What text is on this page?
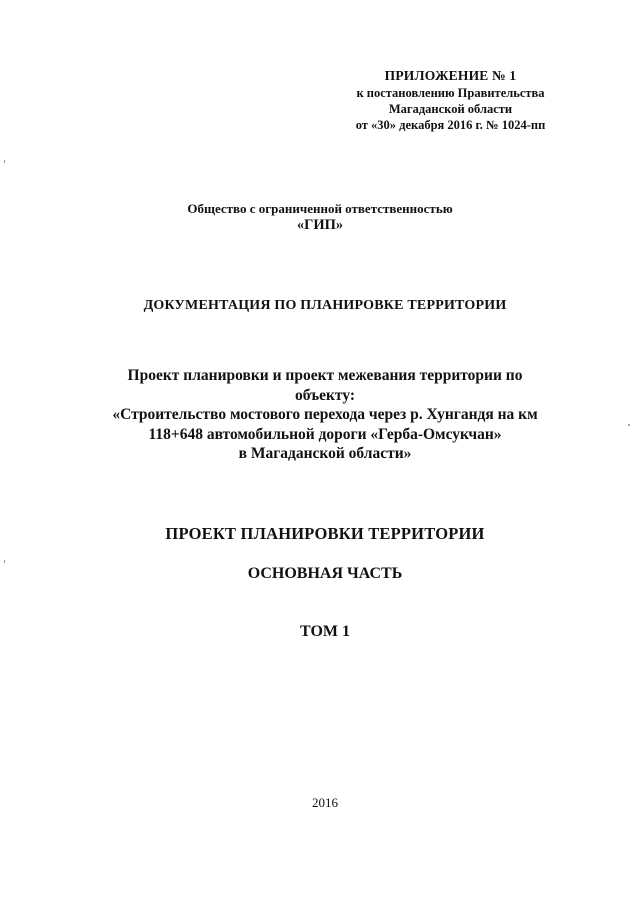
ПРИЛОЖЕНИЕ № 1
к постановлению Правительства
Магаданской области
от «30» декабря 2016 г. № 1024-пп
Общество с ограниченной ответственностью
«ГИП»
ДОКУМЕНТАЦИЯ ПО ПЛАНИРОВКЕ ТЕРРИТОРИИ
Проект планировки и проект межевания территории по
объекту:
«Строительство мостового перехода через р. Хунгандя на км
118+648 автомобильной дороги «Герба-Омсукчан»
в Магаданской области»
ПРОЕКТ ПЛАНИРОВКИ ТЕРРИТОРИИ
ОСНОВНАЯ ЧАСТЬ
ТОМ 1
2016
